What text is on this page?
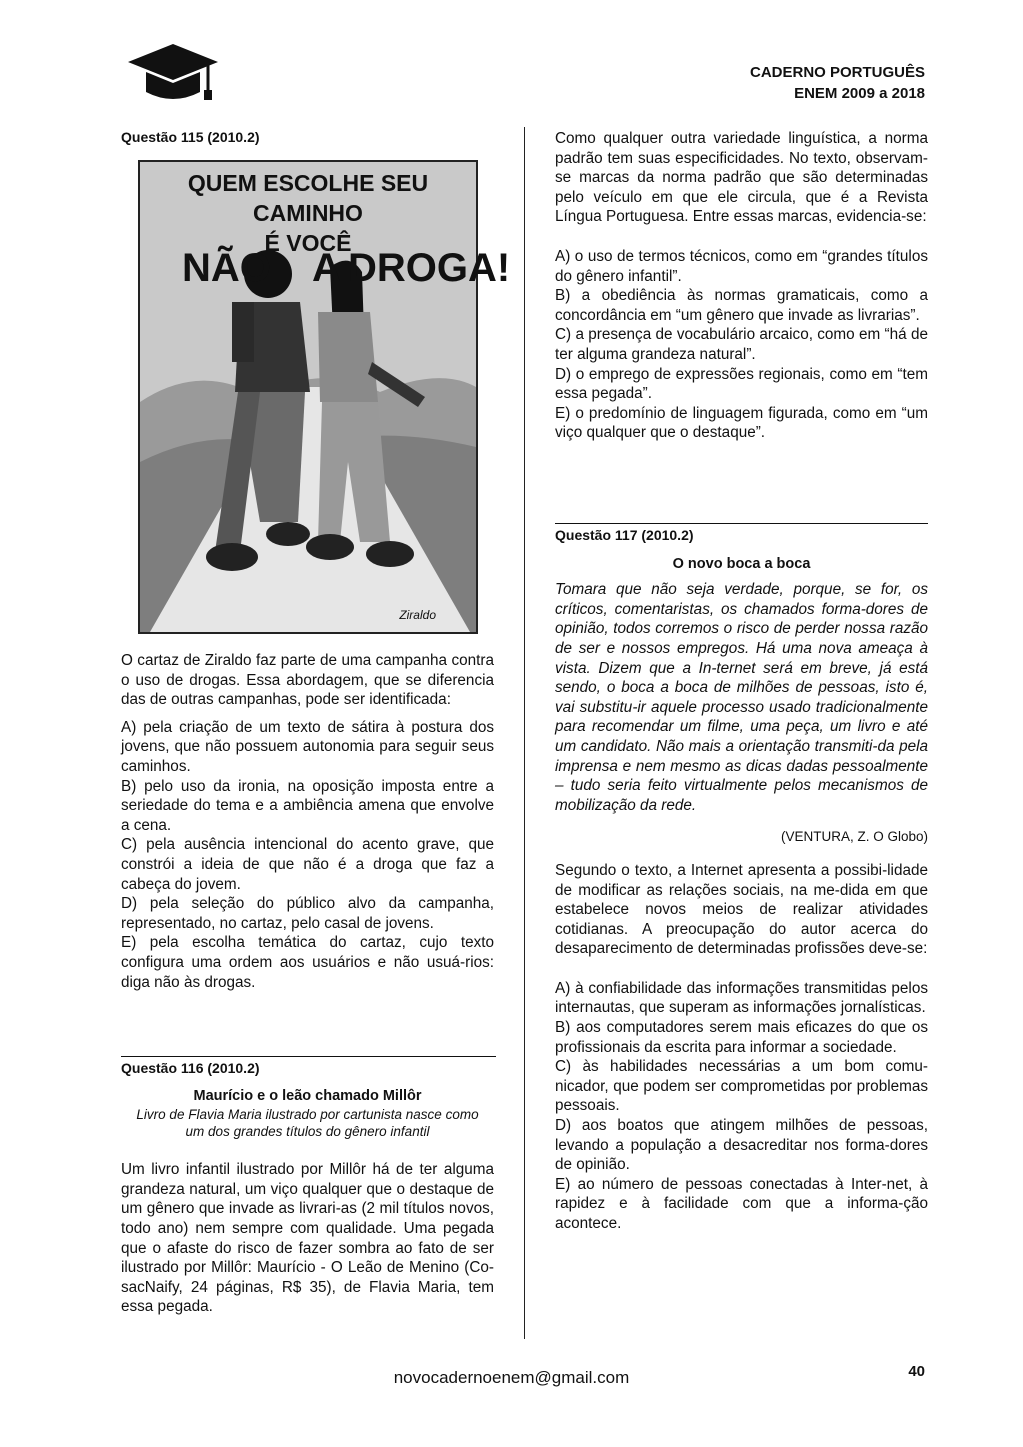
CADERNO PORTUGUÊS
ENEM 2009 a 2018
Questão 115 (2010.2)
QUEM ESCOLHE SEU CAMINHO
É VOCÊ
NÃO A DROGA!
Ziraldo

O cartaz de Ziraldo faz parte de uma campanha contra o uso de drogas. Essa abordagem, que se diferencia das de outras campanhas, pode ser identificada:

A) pela criação de um texto de sátira à postura dos jovens, que não possuem autonomia para seguir seus caminhos.

B) pelo uso da ironia, na oposição imposta entre a seriedade do tema e a ambiência amena que envolve a cena.

C) pela ausência intencional do acento grave, que constrói a ideia de que não é a droga que faz a cabeça do jovem.

D) pela seleção do público alvo da campanha, representado, no cartaz, pelo casal de jovens.

E) pela escolha temática do cartaz, cujo texto configura uma ordem aos usuários e não usuá-rios: diga não às drogas.

Questão 116 (2010.2)
Maurício e o leão chamado Millôr
Livro de Flavia Maria ilustrado por cartunista nasce como um dos grandes títulos do gênero infantil

Um livro infantil ilustrado por Millôr há de ter alguma grandeza natural, um viço qualquer que o destaque de um gênero que invade as livrari-as (2 mil títulos novos, todo ano) nem sempre com qualidade. Uma pegada que o afaste do risco de fazer sombra ao fato de ser ilustrado por Millôr: Maurício - O Leão de Menino (Co-sacNaify, 24 páginas, R$ 35), de Flavia Maria, tem essa pegada.

Como qualquer outra variedade linguística, a norma padrão tem suas especificidades. No texto, observam- se marcas da norma padrão que são determinadas pelo veículo em que ele circula, que é a Revista Língua Portuguesa. Entre essas marcas, evidencia-se:

A) o uso de termos técnicos, como em “grandes títulos do gênero infantil”.

B) a obediência às normas gramaticais, como a concordância em “um gênero que invade as livrarias”.

C) a presença de vocabulário arcaico, como em “há de ter alguma grandeza natural”.

D) o emprego de expressões regionais, como em “tem essa pegada”.

E) o predomínio de linguagem figurada, como em “um viço qualquer que o destaque”.

Questão 117 (2010.2)
O novo boca a boca

Tomara que não seja verdade, porque, se for, os críticos, comentaristas, os chamados forma-dores de opinião, todos corremos o risco de perder nossa razão de ser e nossos empregos. Há uma nova ameaça à vista. Dizem que a In-ternet será em breve, já está sendo, o boca a boca de milhões de pessoas, isto é, vai substitu-ir aquele processo usado tradicionalmente para recomendar um filme, uma peça, um livro e até um candidato. Não mais a orientação transmiti-da pela imprensa e nem mesmo as dicas dadas pessoalmente – tudo seria feito virtualmente pelos mecanismos de mobilização da rede.

(VENTURA, Z. O Globo)

Segundo o texto, a Internet apresenta a possibi-lidade de modificar as relações sociais, na me-dida em que estabelece novos meios de realizar atividades cotidianas. A preocupação do autor acerca do desaparecimento de determinadas profissões deve-se:

A) à confiabilidade das informações transmitidas pelos internautas, que superam as informações jornalísticas.

B) aos computadores serem mais eficazes do que os profissionais da escrita para informar a sociedade.

C) às habilidades necessárias a um bom comu-nicador, que podem ser comprometidas por problemas pessoais.

D) aos boatos que atingem milhões de pessoas, levando a população a desacreditar nos forma-dores de opinião.

E) ao número de pessoas conectadas à Inter-net, à rapidez e à facilidade com que a informa-ção acontece.

novocadernoenem@gmail.com	40
